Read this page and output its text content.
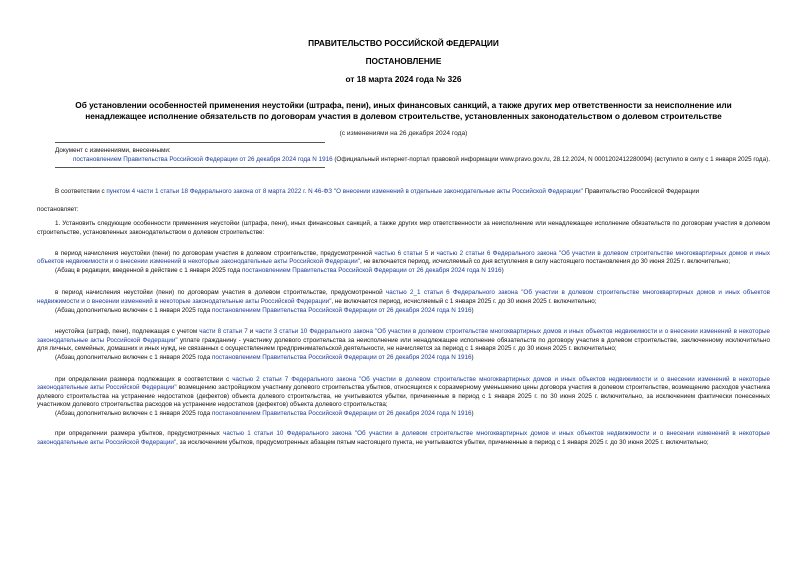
ПРАВИТЕЛЬСТВО РОССИЙСКОЙ ФЕДЕРАЦИИ
ПОСТАНОВЛЕНИЕ
от 18 марта 2024 года № 326
Об установлении особенностей применения неустойки (штрафа, пени), иных финансовых санкций, а также других мер ответственности за неисполнение или
ненадлежащее исполнение обязательств по договорам участия в долевом строительстве, установленных законодательством о долевом строительстве
(с изменениями на 26 декабря 2024 года)
Документ с изменениями, внесенными:
постановлением Правительства Российской Федерации от 26 декабря 2024 года N 1916 (Официальный интернет-портал правовой информации www.pravo.gov.ru, 28.12.2024, N 0001202412280094) (вступило в силу с 1 января 2025 года).
В соответствии с пунктом 4 части 1 статьи 18 Федерального закона от 8 марта 2022 г. N 46-ФЗ "О внесении изменений в отдельные законодательные акты Российской Федерации" Правительство Российской Федерации
постановляет:
1. Установить следующие особенности применения неустойки (штрафа, пени), иных финансовых санкций, а также других мер ответственности за неисполнение или ненадлежащее исполнение обязательств по договорам участия в долевом строительстве, установленных законодательством о долевом строительстве:
в период начисления неустойки (пени) по договорам участия в долевом строительстве, предусмотренной частью 6 статьи 5 и частью 2 статьи 6 Федерального закона "Об участии в долевом строительстве многоквартирных домов и иных объектов недвижимости и о внесении изменений в некоторые законодательные акты Российской Федерации", не включается период, исчисляемый со дня вступления в силу настоящего постановления до 30 июня 2025 г. включительно;
(Абзац в редакции, введенной в действие с 1 января 2025 года постановлением Правительства Российской Федерации от 26 декабря 2024 года N 1916)
в период начисления неустойки (пени) по договорам участия в долевом строительстве, предусмотренной частью 2_1 статьи 6 Федерального закона "Об участии в долевом строительстве многоквартирных домов и иных объектов недвижимости и о внесении изменений в некоторые законодательные акты Российской Федерации", не включается период, исчисляемый с 1 января 2025 г. до 30 июня 2025 г. включительно;
(Абзац дополнительно включен с 1 января 2025 года постановлением Правительства Российской Федерации от 26 декабря 2024 года N 1916)
неустойка (штраф, пени), подлежащая с учетом части 8 статьи 7 и части 3 статьи 10 Федерального закона "Об участии в долевом строительстве многоквартирных домов и иных объектов недвижимости и о внесении изменений в некоторые законодательные акты Российской Федерации" уплате гражданину - участнику долевого строительства за неисполнение или ненадлежащее исполнение обязательств по договору участия в долевом строительстве, заключенному исключительно для личных, семейных, домашних и иных нужд, не связанных с осуществлением предпринимательской деятельности, не начисляется за период с 1 января 2025 г. до 30 июня 2025 г. включительно;
(Абзац дополнительно включен с 1 января 2025 года постановлением Правительства Российской Федерации от 26 декабря 2024 года N 1916)
при определении размера подлежащих в соответствии с частью 2 статьи 7 Федерального закона "Об участии в долевом строительстве многоквартирных домов и иных объектов недвижимости и о внесении изменений в некоторые законодательные акты Российской Федерации" возмещению застройщиком участнику долевого строительства убытков, относящихся к соразмерному уменьшению цены договора участия в долевом строительстве, возмещению расходов участника долевого строительства на устранение недостатков (дефектов) объекта долевого строительства, не учитываются убытки, причиненные в период с 1 января 2025 г. по 30 июня 2025 г. включительно, за исключением фактически понесенных участником долевого строительства расходов на устранение недостатков (дефектов) объекта долевого строительства;
(Абзац дополнительно включен с 1 января 2025 года постановлением Правительства Российской Федерации от 26 декабря 2024 года N 1916)
при определении размера убытков, предусмотренных частью 1 статьи 10 Федерального закона "Об участии в долевом строительстве многоквартирных домов и иных объектов недвижимости и о внесении изменений в некоторые законодательные акты Российской Федерации", за исключением убытков, предусмотренных абзацем пятым настоящего пункта, не учитываются убытки, причиненные в период с 1 января 2025 г. до 30 июня 2025 г. включительно;
